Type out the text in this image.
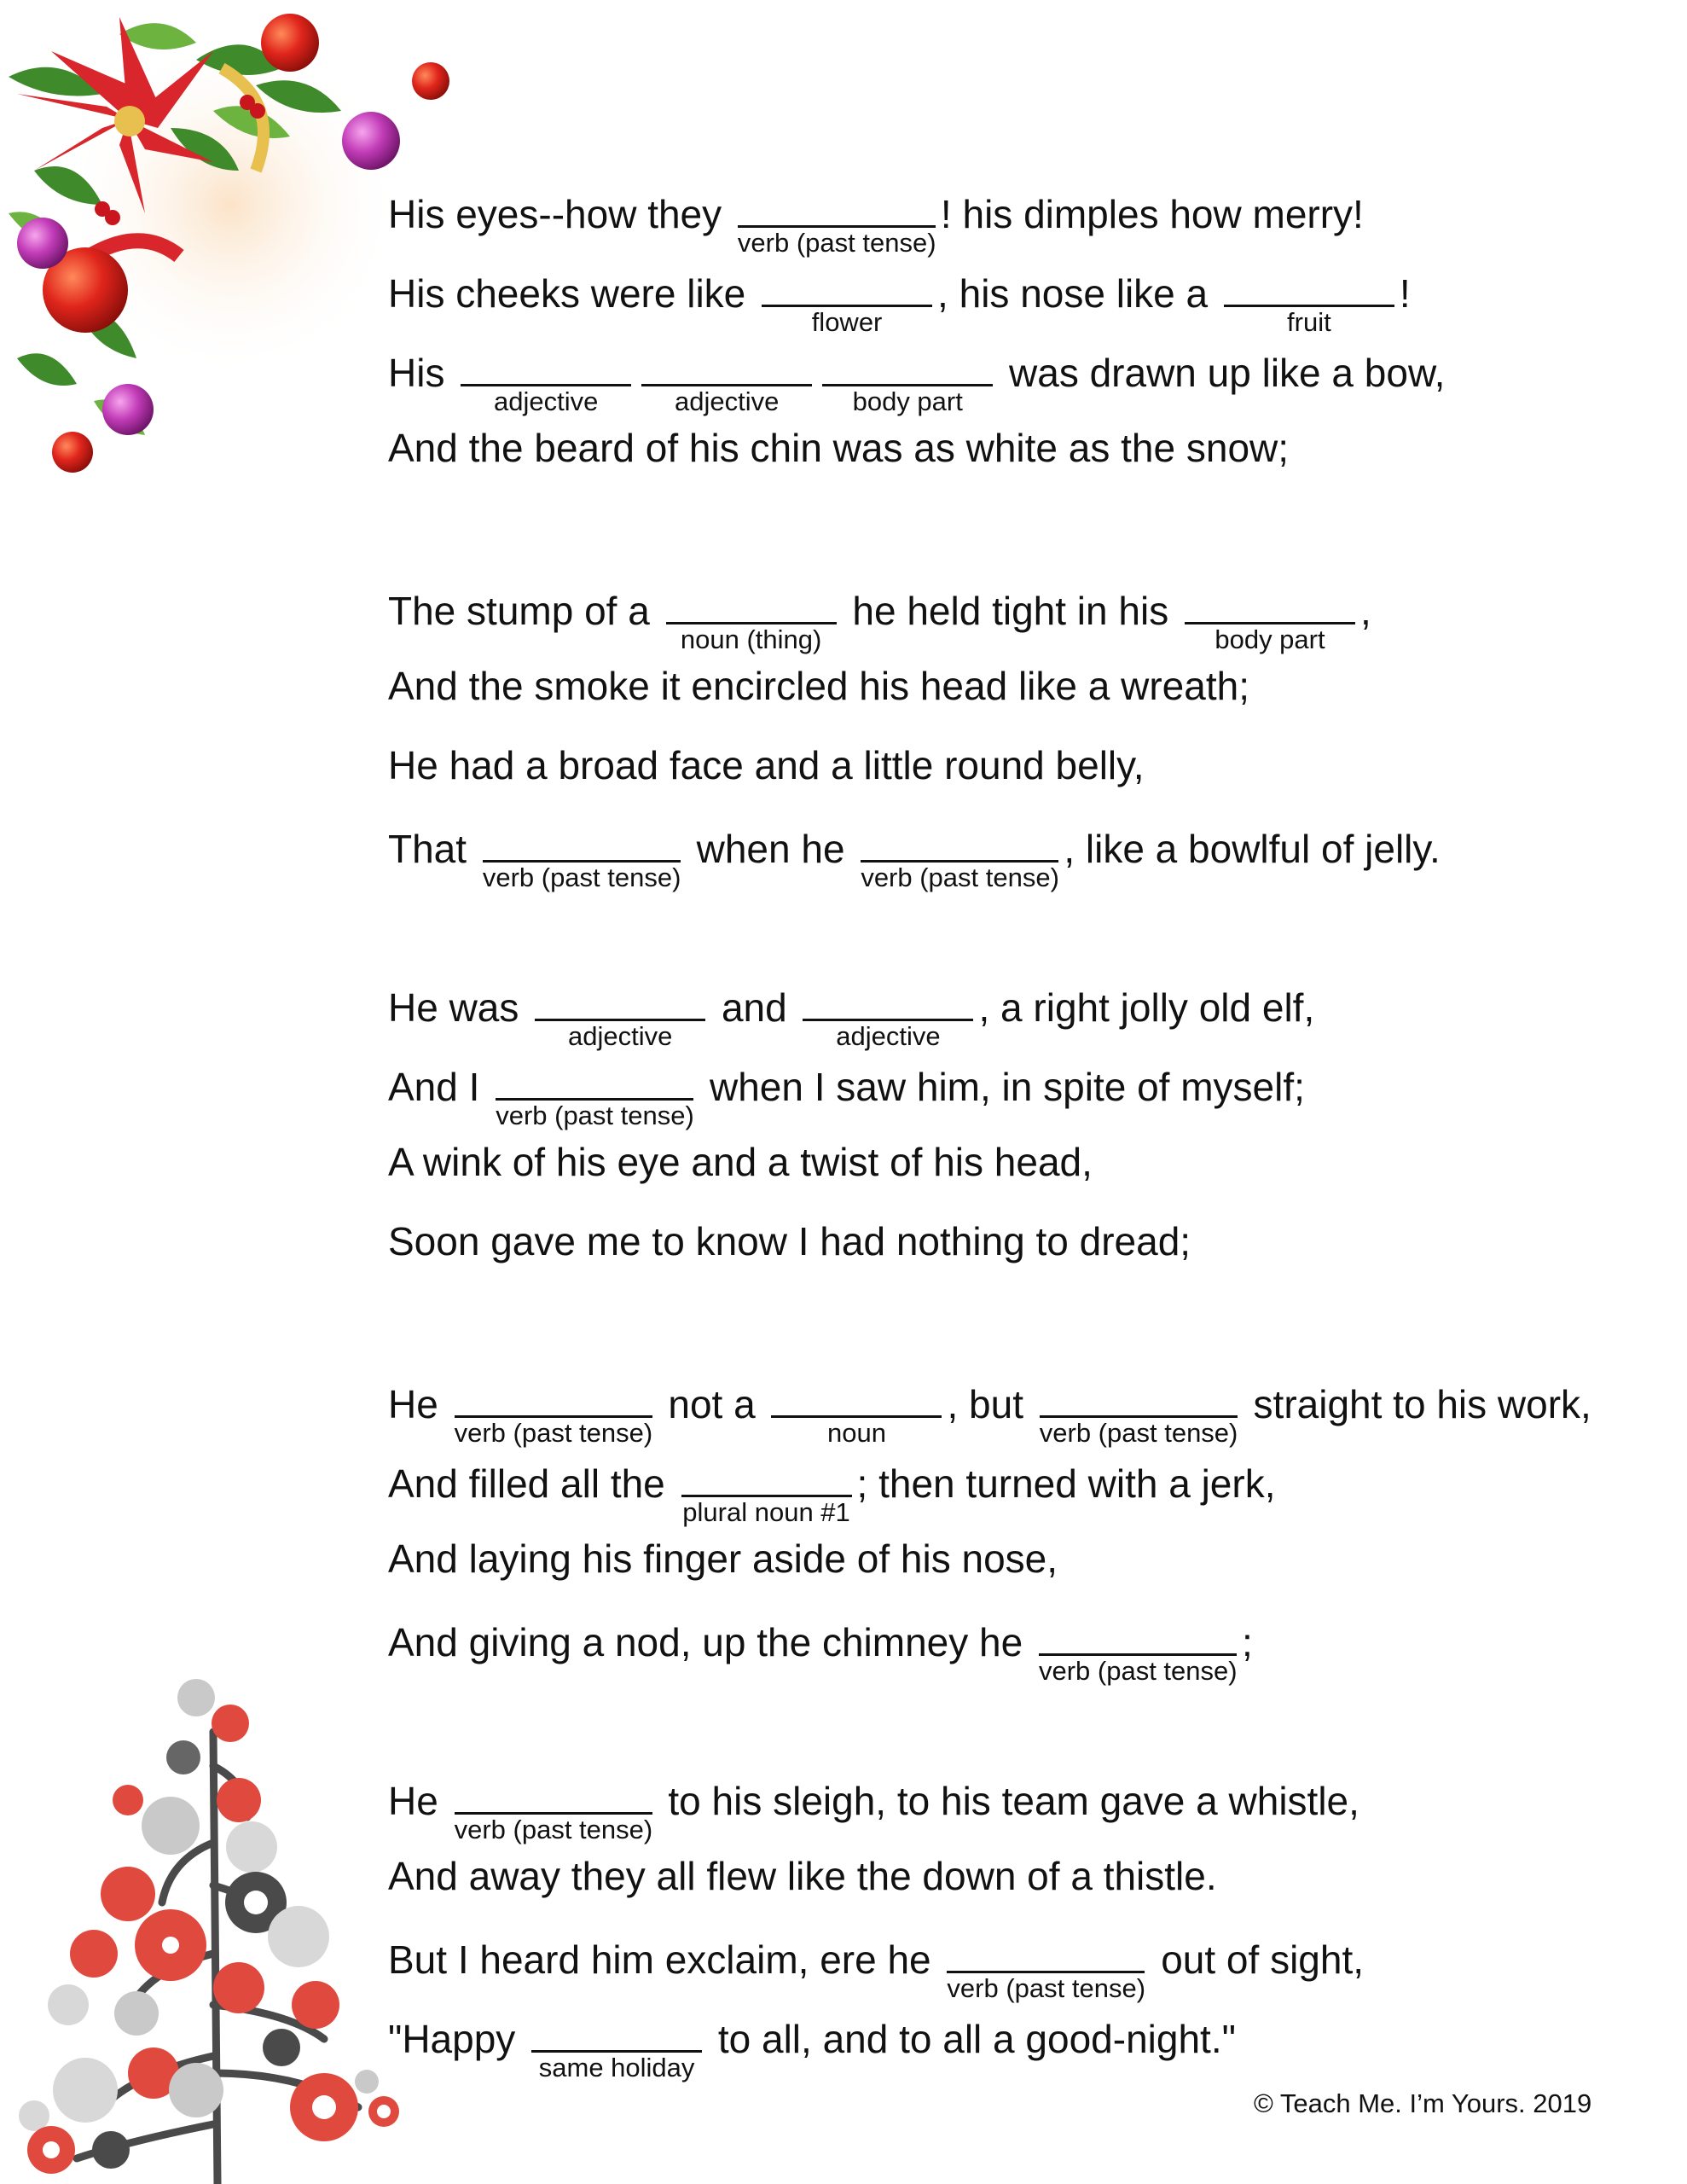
His eyes--how they
verb (past tense)
! his dimples how merry!
His cheeks were like
flower
, his nose like a
fruit
!
His
adjective	adjective	body part
was drawn up like a bow,
And the beard of his chin was as white as the snow;
The stump of a
noun (thing)
he held tight in his
body part
,
And the smoke it encircled his head like a wreath;
He had a broad face and a little round belly,
That
verb (past tense)
when he
verb (past tense)
, like a bowlful of jelly.
He was
adjective
and
adjective
, a right jolly old elf,
And I
verb (past tense)
when I saw him, in spite of myself;
A wink of his eye and a twist of his head,
Soon gave me to know I had nothing to dread;
He
verb (past tense)
not a
noun
, but
verb (past tense)
straight to his work,
And filled all the
plural noun #1
; then turned with a jerk,
And laying his finger aside of his nose,
And giving a nod, up the chimney he
verb (past tense)
;
He
verb (past tense)
to his sleigh, to his team gave a whistle,
And away they all flew like the down of a thistle.
But I heard him exclaim, ere he
verb (past tense)
out of sight,
"Happy
same holiday
to all, and to all a good-night."
© Teach Me. I’m Yours. 2019
